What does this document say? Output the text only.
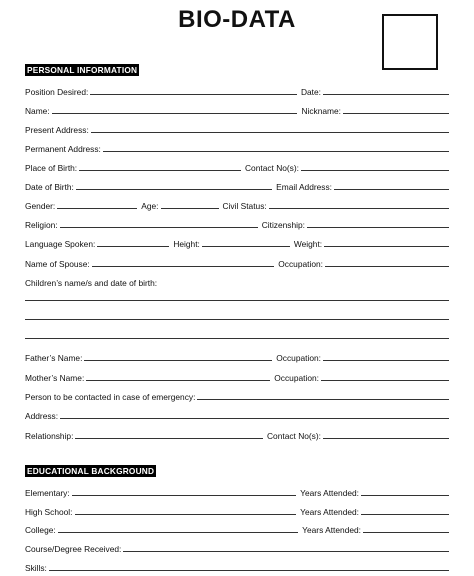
BIO-DATA
PERSONAL INFORMATION
Position Desired:	Date:
Name:	Nickname:
Present Address:
Permanent Address:
Place of Birth:	Contact No(s):
Date of Birth:	Email Address:
Gender:	Age:	Civil Status:
Religion:	Citizenship:
Language Spoken:	Height:	Weight:
Name of Spouse:	Occupation:
Children’s name/s and date of birth:
Father’s Name:	Occupation:
Mother’s Name:	Occupation:
Person to be contacted in case of emergency:
Address:
Relationship:	Contact No(s):
EDUCATIONAL BACKGROUND
Elementary:	Years Attended:
High School:	Years Attended:
College:	Years Attended:
Course/Degree Received:
Skills:
